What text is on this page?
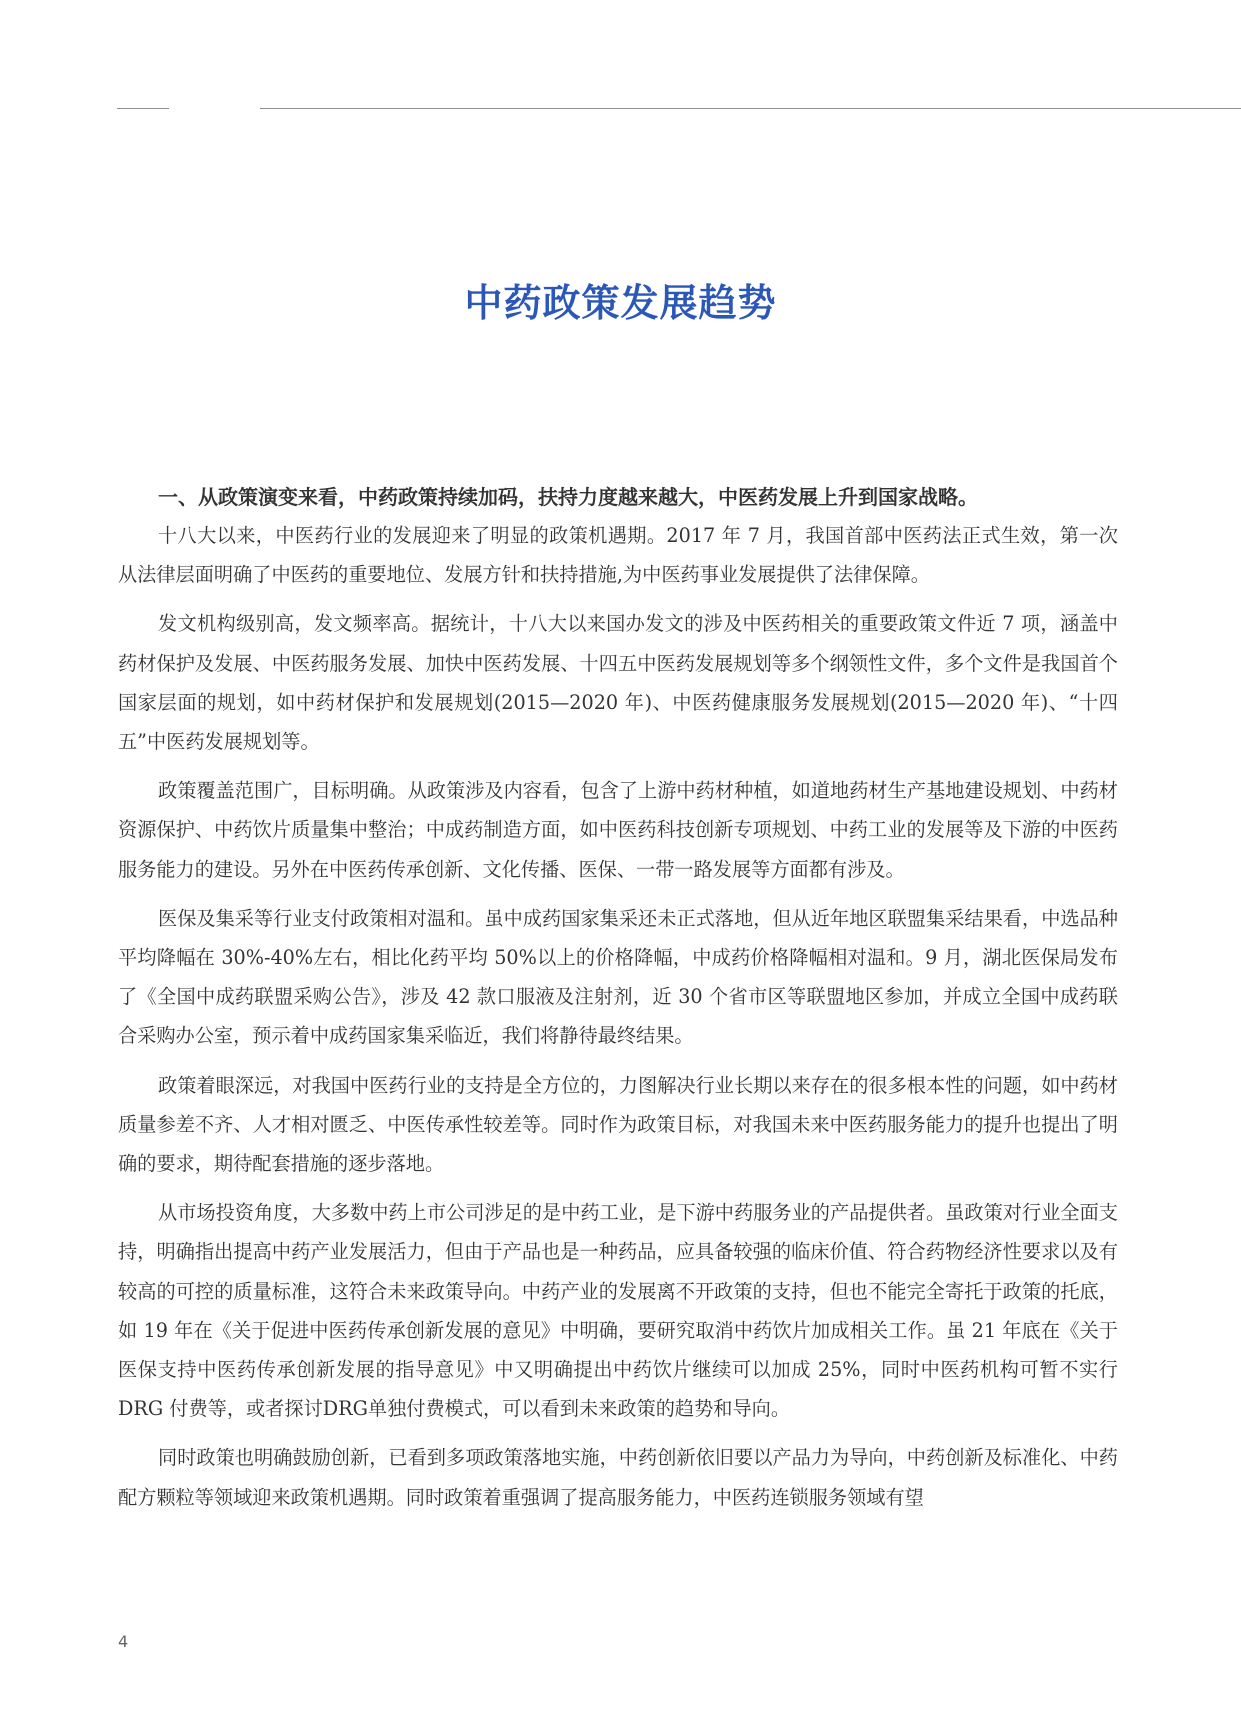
中药政策发展趋势

一、从政策演变来看，中药政策持续加码，扶持力度越来越大，中医药发展上升到国家战略。

十八大以来，中医药行业的发展迎来了明显的政策机遇期。2017 年 7 月，我国首部中医药法正式生效，第一次从法律层面明确了中医药的重要地位、发展方针和扶持措施,为中医药事业发展提供了法律保障。

发文机构级别高，发文频率高。据统计，十八大以来国办发文的涉及中医药相关的重要政策文件近 7 项，涵盖中药材保护及发展、中医药服务发展、加快中医药发展、十四五中医药发展规划等多个纲领性文件，多个文件是我国首个国家层面的规划，如中药材保护和发展规划(2015—2020 年)、中医药健康服务发展规划(2015—2020 年)、“十四五”中医药发展规划等。

政策覆盖范围广，目标明确。从政策涉及内容看，包含了上游中药材种植，如道地药材生产基地建设规划、中药材资源保护、中药饮片质量集中整治；中成药制造方面，如中医药科技创新专项规划、中药工业的发展等及下游的中医药服务能力的建设。另外在中医药传承创新、文化传播、医保、一带一路发展等方面都有涉及。

医保及集采等行业支付政策相对温和。虽中成药国家集采还未正式落地，但从近年地区联盟集采结果看，中选品种平均降幅在 30%-40%左右，相比化药平均 50%以上的价格降幅，中成药价格降幅相对温和。9 月，湖北医保局发布了《全国中成药联盟采购公告》，涉及 42 款口服液及注射剂，近 30 个省市区等联盟地区参加，并成立全国中成药联合采购办公室，预示着中成药国家集采临近，我们将静待最终结果。

政策着眼深远，对我国中医药行业的支持是全方位的，力图解决行业长期以来存在的很多根本性的问题，如中药材质量参差不齐、人才相对匮乏、中医传承性较差等。同时作为政策目标，对我国未来中医药服务能力的提升也提出了明确的要求，期待配套措施的逐步落地。

从市场投资角度，大多数中药上市公司涉足的是中药工业，是下游中药服务业的产品提供者。虽政策对行业全面支持，明确指出提高中药产业发展活力，但由于产品也是一种药品，应具备较强的临床价值、符合药物经济性要求以及有较高的可控的质量标准，这符合未来政策导向。中药产业的发展离不开政策的支持，但也不能完全寄托于政策的托底，如 19 年在《关于促进中医药传承创新发展的意见》中明确，要研究取消中药饮片加成相关工作。虽 21 年底在《关于医保支持中医药传承创新发展的指导意见》中又明确提出中药饮片继续可以加成 25%，同时中医药机构可暂不实行 DRG 付费等，或者探讨DRG单独付费模式，可以看到未来政策的趋势和导向。

同时政策也明确鼓励创新，已看到多项政策落地实施，中药创新依旧要以产品力为导向，中药创新及标准化、中药配方颗粒等领域迎来政策机遇期。同时政策着重强调了提高服务能力，中医药连锁服务领域有望

4
